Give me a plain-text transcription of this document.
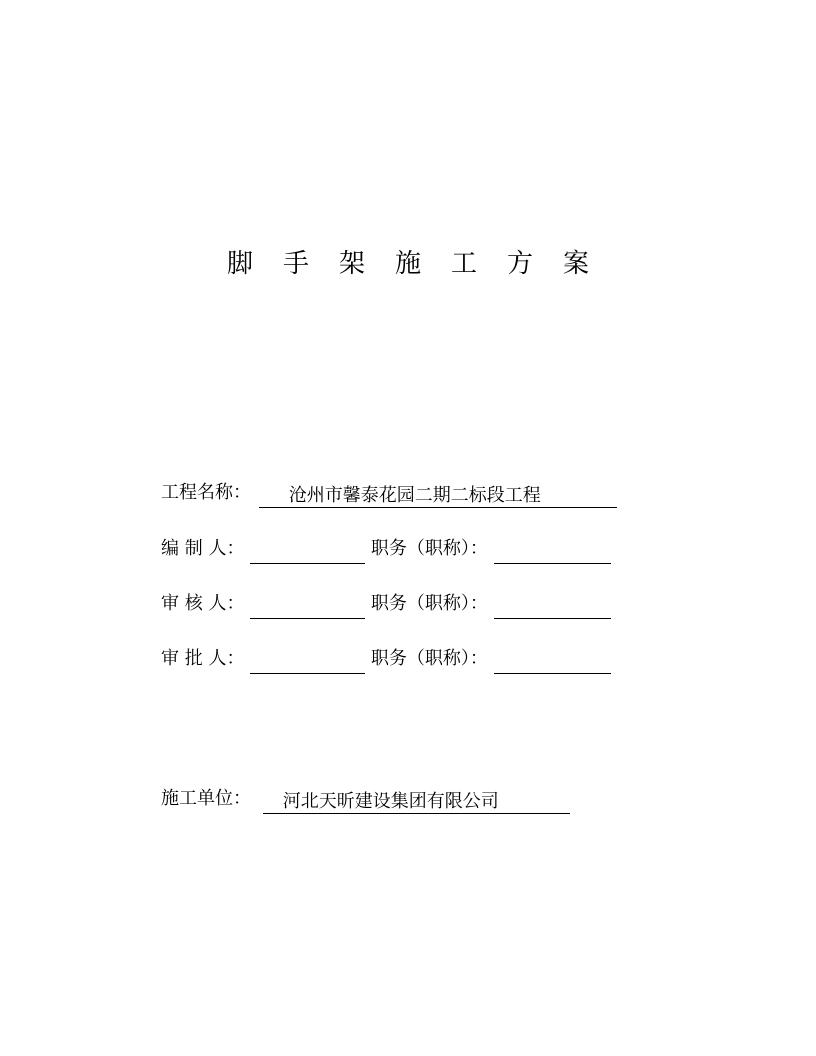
脚手架施工方案
工程名称： 沧州市馨泰花园二期二标段工程
编 制 人：	职务（职称）：
审 核 人：	职务（职称）：
审 批 人：	职务（职称）：
施工单位： 河北天昕建设集团有限公司
